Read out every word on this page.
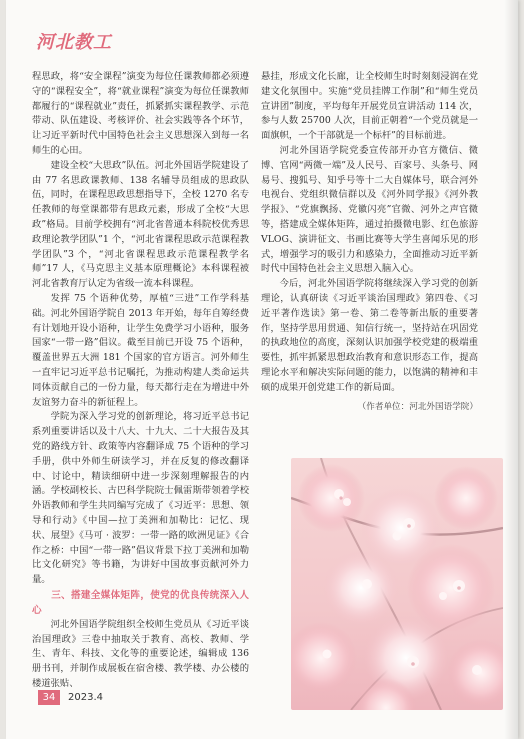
河北教工

程思政，将“安全课程”演变为每位任课教师都必须遵守的“课程安全”，将“就业课程”演变为每位任课教师都履行的“课程就业”责任，抓紧抓实课程教学、示范带动、队伍建设、考核评价、社会实践等各个环节，让习近平新时代中国特色社会主义思想深入到每一名师生的心田。

建设全校“大思政”队伍。河北外国语学院建设了由 77 名思政课教师、138 名辅导员组成的思政队伍，同时，在课程思政思想指导下，全校 1270 名专任教师的每堂课都带有思政元素，形成了全校“大思政”格局。目前学校拥有“河北省普通本科院校优秀思政理论教学团队”1 个，“河北省课程思政示范课程教学团队”3 个，“河北省课程思政示范课程教学名师”17 人，《马克思主义基本原理概论》本科课程被河北省教育厅认定为省级一流本科课程。

发挥 75 个语种优势，厚植“三进”工作学科基础。河北外国语学院自 2013 年开始，每年自筹经费有计划地开设小语种，让学生免费学习小语种，服务国家“一带一路”倡议。截至目前已开设 75 个语种，覆盖世界五大洲 181 个国家的官方语言。河外师生一直牢记习近平总书记嘱托，为推动构建人类命运共同体贡献自己的一份力量，每天都行走在为增进中外友谊努力奋斗的新征程上。

学院为深入学习党的创新理论，将习近平总书记系列重要讲话以及十八大、十九大、二十大报告及其党的路线方针、政策等内容翻译成 75 个语种的学习手册，供中外师生研读学习，并在反复的修改翻译中、讨论中，精读细研中进一步深刻理解报告的内涵。学校副校长、古巴科学院院士佩雷斯带领着学校外语教师和学生共同编写完成了《习近平：思想、领导和行动》《中国—拉丁美洲和加勒比：记忆、现状、展望》《马可 · 波罗：一带一路的欧洲见证》《合作之桥：中国“一带一路”倡议背景下拉丁美洲和加勒比文化研究》等书籍，为讲好中国故事贡献河外力量。

三、搭建全媒体矩阵，使党的优良传统深入人心

河北外国语学院组织全校师生党员从《习近平谈治国理政》三卷中抽取关于教育、高校、教师、学生、青年、科技、文化等的重要论述，编辑成 136 册书刊，并制作成展板在宿舍楼、教学楼、办公楼的楼道张贴、

悬挂，形成文化长廊，让全校师生时时刻刻浸润在党建文化氛围中。实施“党员挂牌工作制”和“师生党员宣讲团”制度，平均每年开展党员宣讲活动 114 次，参与人数 25700 人次，目前正朝着“一个党员就是一面旗帜，一个干部就是一个标杆”的目标前进。

河北外国语学院党委宣传部开办官方微信、微博、官网“两微一端”及人民号、百家号、头条号、网易号、搜狐号、知乎号等十二大自媒体号，联合河外电视台、党组织微信群以及《河外同学报》《河外教学报》、“党旗飘扬、党徽闪亮”官微、河外之声官微等，搭建成全媒体矩阵，通过拍摄微电影、红色旅游 VLOG、演讲征文、书画比赛等大学生喜闻乐见的形式，增强学习的吸引力和感染力，全面推动习近平新时代中国特色社会主义思想入脑入心。

今后，河北外国语学院将继续深入学习党的创新理论，认真研读《习近平谈治国理政》第四卷、《习近平著作选读》第一卷、第二卷等新出版的重要著作，坚持学思用贯通、知信行统一，坚持站在巩固党的执政地位的高度，深刻认识加强学校党建的极端重要性，抓牢抓紧思想政治教育和意识形态工作，提高理论水平和解决实际问题的能力，以饱满的精神和丰硕的成果开创党建工作的新局面。

（作者单位：河北外国语学院）
34	2023.4
